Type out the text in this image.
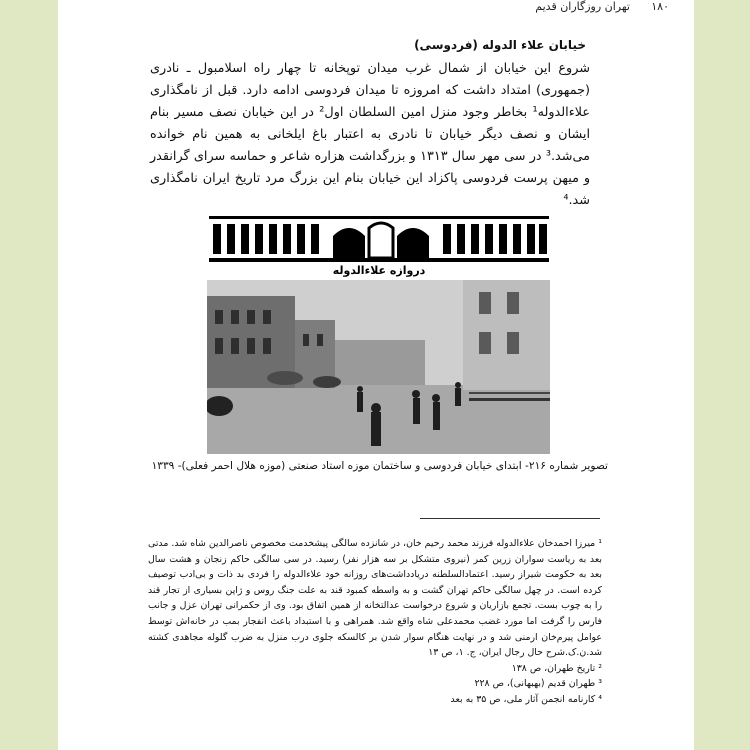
۱۸۰
تهران روزگاران قدیم
خیابان علاء الدوله (فردوسی)
شروع این خیابان از شمال غرب میدان توپخانه تا چهار راه اسلامبول ـ نادری (جمهوری) امتداد داشت که امروزه تا میدان فردوسی ادامه دارد. قبل از نامگذاری علاءالدوله¹ بخاطر وجود منزل امین السلطان اول² در این خیابان نصف مسیر بنام ایشان و نصف دیگر خیابان تا نادری به اعتبار باغ ایلخانی به همین نام خوانده می‌شد.³ در سی مهر سال ۱۳۱۳ و بزرگداشت هزاره شاعر و حماسه سرای گرانقدر و میهن پرست فردوسی پاکزاد این خیابان بنام این بزرگ مرد تاریخ ایران نامگذاری شد.⁴
دروازه علاءالدوله
تصویر شماره ۲۱۶- ابتدای خیابان فردوسی و ساختمان موزه استاد صنعتی (موزه هلال احمر فعلی)- ۱۳۳۹
¹ میرزا احمدخان علاءالدوله فرزند محمد رحیم خان، در شانزده سالگی پیشخدمت مخصوص ناصرالدین شاه شد. مدتی بعد به ریاست سواران زرین کمر (نیروی متشکل بر سه هزار نفر) رسید. در سی سالگی حاکم زنجان و هشت سال بعد به حکومت شیراز رسید. اعتمادالسلطنه دریادداشت‌های روزانه خود علاءالدوله را فردی بد ذات و بی‌ادب توصیف کرده است. در چهل سالگی حاکم تهران گشت و به واسطه کمبود قند به علت جنگ روس و ژاپن بسیاری از تجار قند را به چوب بست. تجمع بازاریان و شروع درخواست عدالتخانه از همین اتفاق بود. وی از حکمرانی تهران عزل و جانب فارس را گرفت اما مورد غضب محمدعلی شاه واقع شد. همراهی و با استبداد باعث انفجار بمب در خانه‌اش توسط عوامل پیرم‌خان ارمنی شد و در نهایت هنگام سوار شدن بر کالسکه جلوی درب منزل به ضرب گلوله مجاهدی کشته شد.ن.ک.شرح حال رجال ایران، ج. ۱، ص ۱۳
² تاریخ طهران، ص ۱۳۸
³ طهران قدیم (بهبهانی)، ص ۲۲۸
⁴ کارنامه انجمن آثار ملی، ص ۳۵ به بعد
